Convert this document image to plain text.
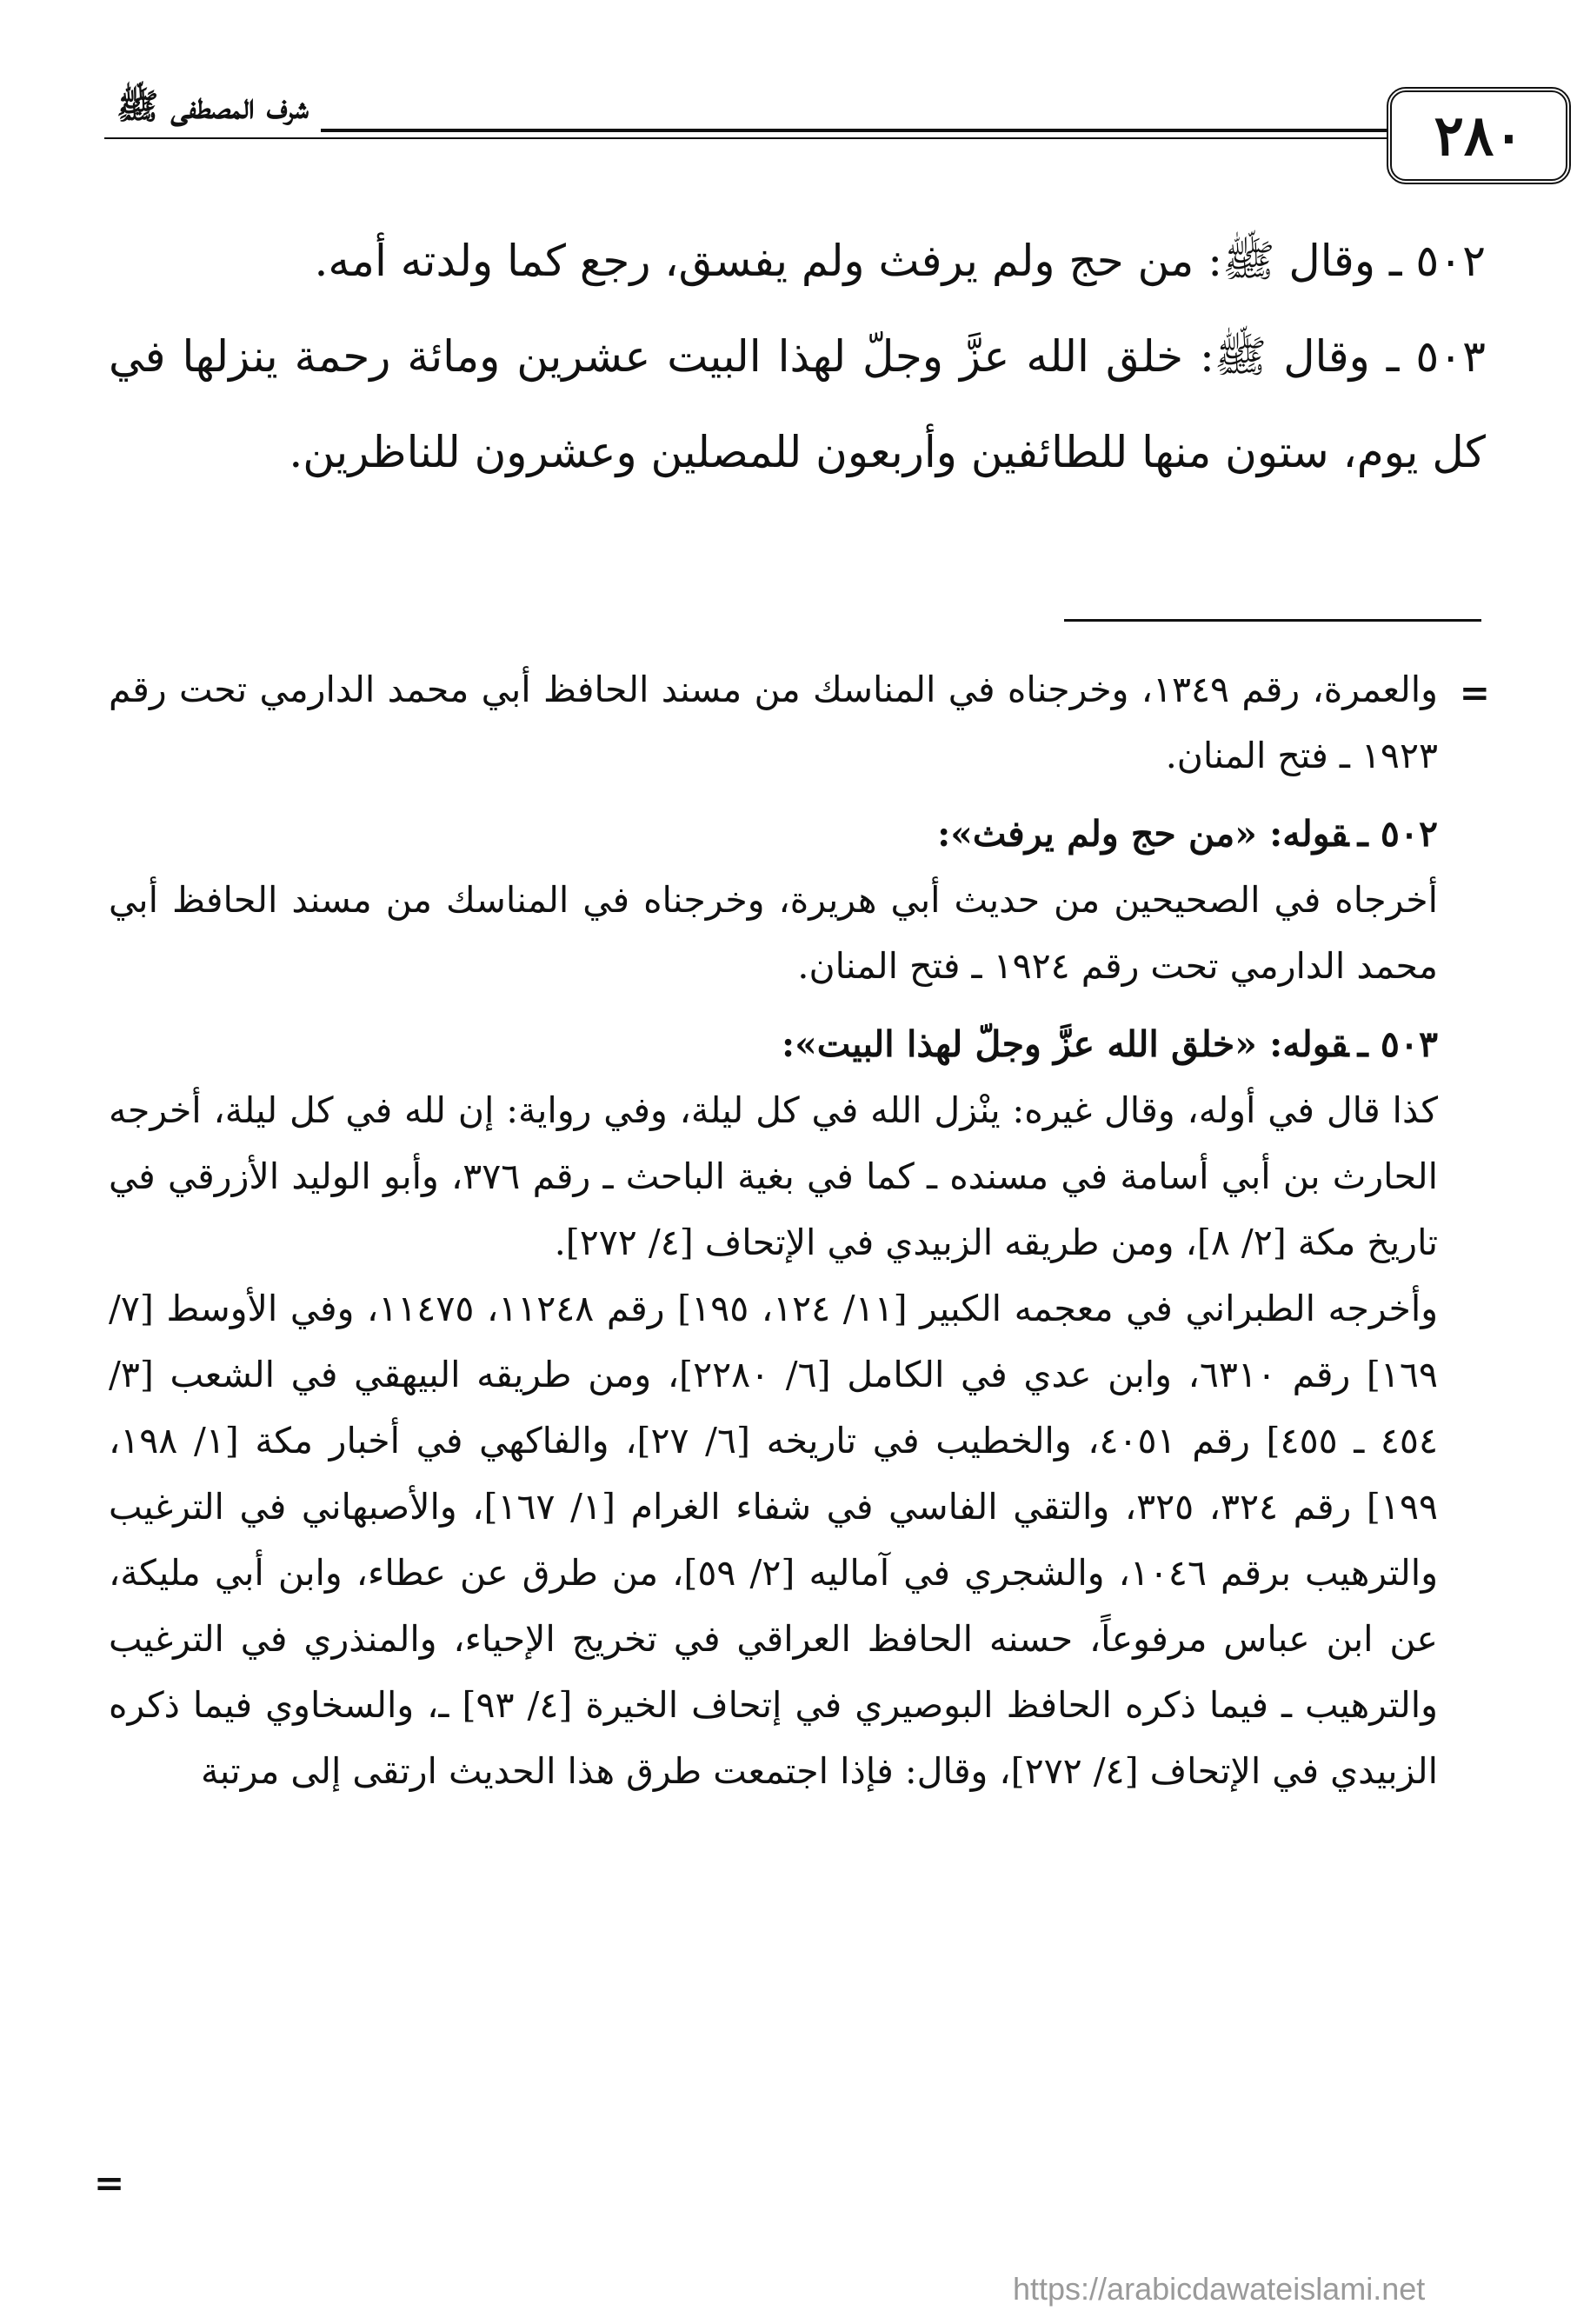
٢٨٠
شرف المصطفى ﷺ

٥٠٢ ـ وقال ﷺ: من حج ولم يرفث ولم يفسق، رجع كما ولدته أمه.

٥٠٣ ـ وقال ﷺ: خلق الله عزَّ وجلّ لهذا البيت عشرين ومائة رحمة ينزلها في كل يوم، ستون منها للطائفين وأربعون للمصلين وعشرون للناظرين.

=

والعمرة، رقم ١٣٤٩، وخرجناه في المناسك من مسند الحافظ أبي محمد الدارمي تحت رقم ١٩٢٣ ـ فتح المنان.

٥٠٢ ـقوله: «من حج ولم يرفث»:

أخرجاه في الصحيحين من حديث أبي هريرة، وخرجناه في المناسك من مسند الحافظ أبي محمد الدارمي تحت رقم ١٩٢٤ ـ فتح المنان.

٥٠٣ ـقوله: «خلق الله عزَّ وجلّ لهذا البيت»:

كذا قال في أوله، وقال غيره: ينْزل الله في كل ليلة، وفي رواية: إن لله في كل ليلة، أخرجه الحارث بن أبي أسامة في مسنده ـ كما في بغية الباحث ـ رقم ٣٧٦، وأبو الوليد الأزرقي في تاريخ مكة [٢/ ٨]، ومن طريقه الزبيدي في الإتحاف [٤/ ٢٧٢].

وأخرجه الطبراني في معجمه الكبير [١١/ ١٢٤، ١٩٥] رقم ١١٢٤٨، ١١٤٧٥، وفي الأوسط [٧/ ١٦٩] رقم ٦٣١٠، وابن عدي في الكامل [٦/ ٢٢٨٠]، ومن طريقه البيهقي في الشعب [٣/ ٤٥٤ ـ ٤٥٥] رقم ٤٠٥١، والخطيب في تاريخه [٦/ ٢٧]، والفاكهي في أخبار مكة [١/ ١٩٨، ١٩٩] رقم ٣٢٤، ٣٢٥، والتقي الفاسي في شفاء الغرام [١/ ١٦٧]، والأصبهاني في الترغيب والترهيب برقم ١٠٤٦، والشجري في آماليه [٢/ ٥٩]، من طرق عن عطاء، وابن أبي مليكة، عن ابن عباس مرفوعاً، حسنه الحافظ العراقي في تخريج الإحياء، والمنذري في الترغيب والترهيب ـ فيما ذكره الحافظ البوصيري في إتحاف الخيرة [٤/ ٩٣] ـ، والسخاوي فيما ذكره الزبيدي في الإتحاف [٤/ ٢٧٢]، وقال: فإذا اجتمعت طرق هذا الحديث ارتقى إلى مرتبة

=
https://arabicdawateislami.net
